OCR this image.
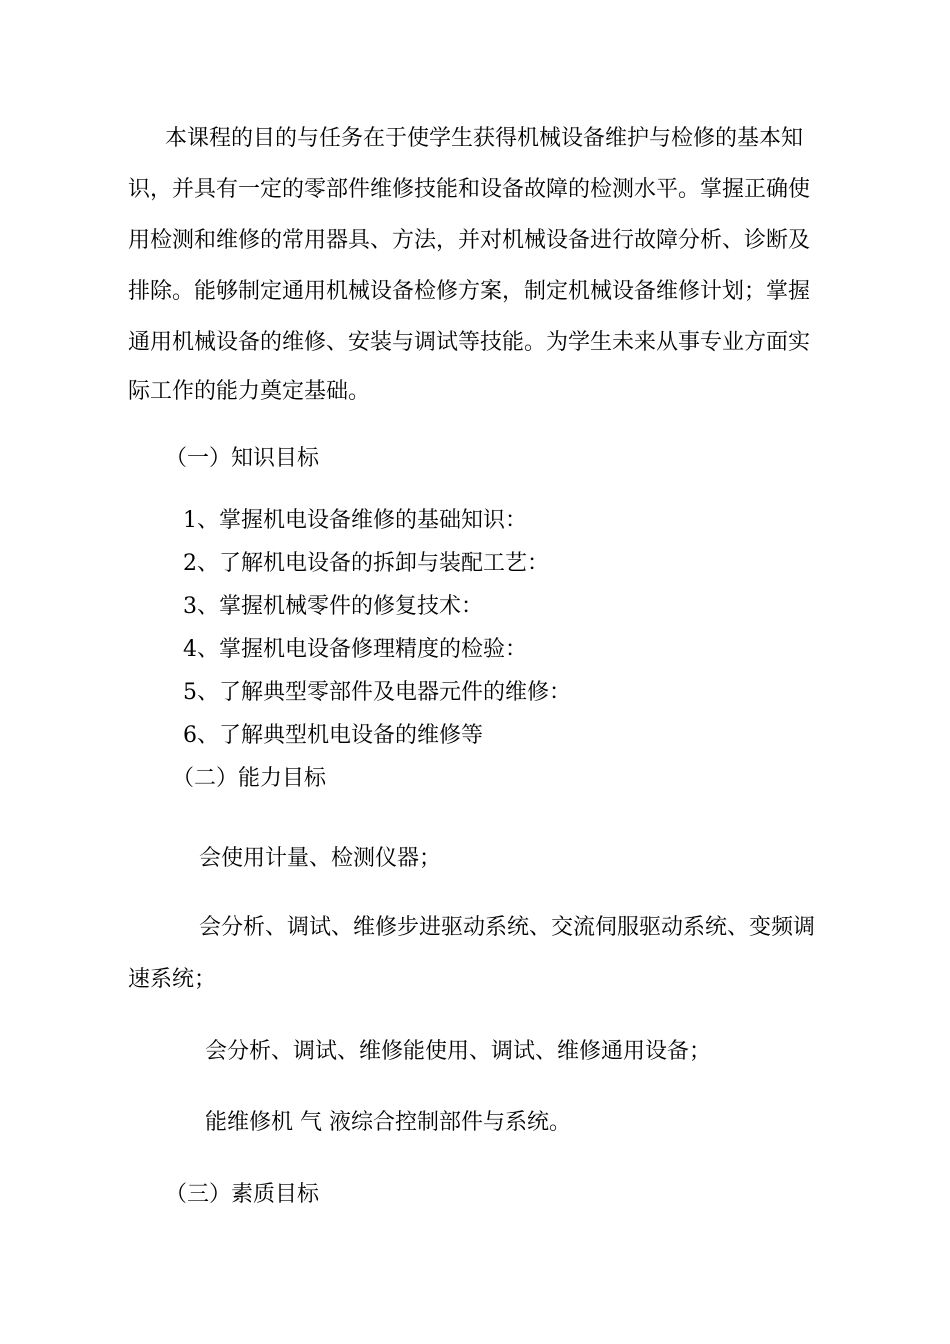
本课程的目的与任务在于使学生获得机械设备维护与检修的基本知
识，并具有一定的零部件维修技能和设备故障的检测水平。掌握正确使
用检测和维修的常用器具、方法，并对机械设备进行故障分析、诊断及
排除。能够制定通用机械设备检修方案，制定机械设备维修计划；掌握
通用机械设备的维修、安装与调试等技能。为学生未来从事专业方面实
际工作的能力奠定基础。
（一）知识目标
1、掌握机电设备维修的基础知识：
2、了解机电设备的拆卸与装配工艺：
3、掌握机械零件的修复技术：
4、掌握机电设备修理精度的检验：
5、了解典型零部件及电器元件的维修：
6、了解典型机电设备的维修等
（二）能力目标
会使用计量、检测仪器；
会分析、调试、维修步进驱动系统、交流伺服驱动系统、变频调
速系统；
会分析、调试、维修能使用、调试、维修通用设备；
能维修机 气 液综合控制部件与系统。
（三）素质目标
